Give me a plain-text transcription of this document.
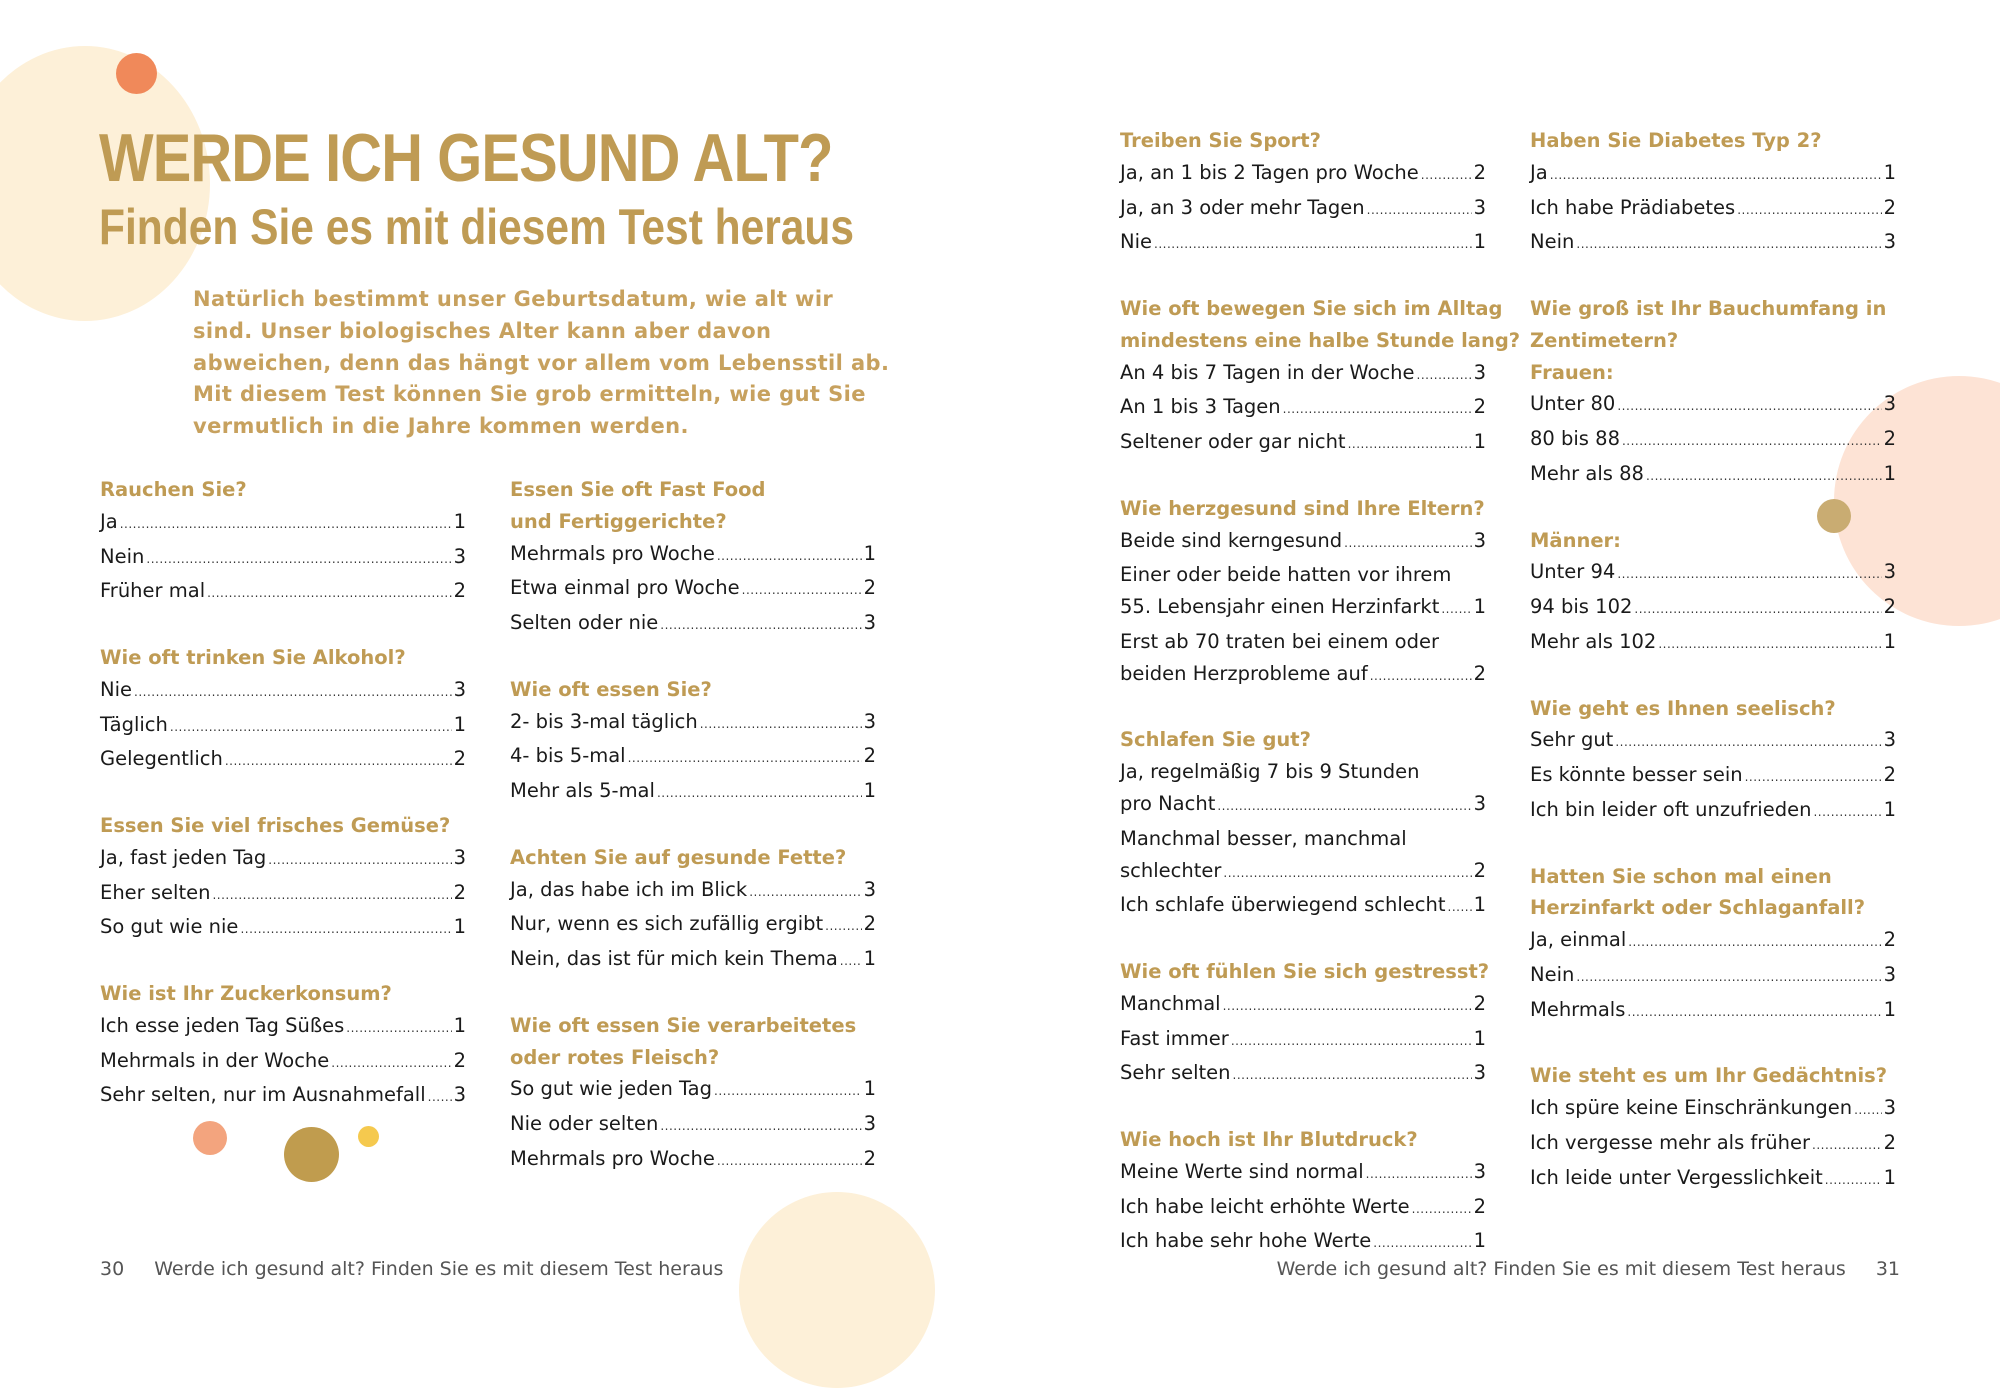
WERDE ICH GESUND ALT?
Finden Sie es mit diesem Test heraus

Natürlich bestimmt unser Geburtsdatum, wie alt wir sind. Unser biologisches Alter kann aber davon abweichen, denn das hängt vor allem vom Lebensstil ab. Mit diesem Test können Sie grob ermitteln, wie gut Sie vermutlich in die Jahre kommen werden.

Rauchen Sie?
Ja .....	1
Nein .....	3
Früher mal .....	2
Wie oft trinken Sie Alkohol?
Nie .....	3
Täglich .....	1
Gelegentlich .....	2
Essen Sie viel frisches Gemüse?
Ja, fast jeden Tag .....	3
Eher selten .....	2
So gut wie nie .....	1
Wie ist Ihr Zuckerkonsum?
Ich esse jeden Tag Süßes .....	1
Mehrmals in der Woche .....	2
Sehr selten, nur im Ausnahmefall ..... 3
Essen Sie oft Fast Food
und Fertiggerichte?
Mehrmals pro Woche .....	1
Etwa einmal pro Woche .....	2
Selten oder nie .....	3
Wie oft essen Sie?
2- bis 3-mal täglich .....	3
4- bis 5-mal .....	2
Mehr als 5-mal .....	1
Achten Sie auf gesunde Fette?
Ja, das habe ich im Blick .....	3
Nur, wenn es sich zufällig ergibt ..... 2
Nein, das ist für mich kein Thema ..... 1
Wie oft essen Sie verarbeitetes
oder rotes Fleisch?
So gut wie jeden Tag .....	1
Nie oder selten .....	3
Mehrmals pro Woche .....	2
Treiben Sie Sport?
Ja, an 1 bis 2 Tagen pro Woche .....	2
Ja, an 3 oder mehr Tagen .....	3
Nie .....	1
Wie oft bewegen Sie sich im Alltag
mindestens eine halbe Stunde lang?
An 4 bis 7 Tagen in der Woche .....	3
An 1 bis 3 Tagen .....	2
Seltener oder gar nicht .....	1
Wie herzgesund sind Ihre Eltern?
Beide sind kerngesund .....	3
Einer oder beide hatten vor ihrem
55. Lebensjahr einen Herzinfarkt ..... 1
Erst ab 70 traten bei einem oder
beiden Herzprobleme auf .....	2
Schlafen Sie gut?
Ja, regelmäßig 7 bis 9 Stunden
pro Nacht .....	3
Manchmal besser, manchmal
schlechter .....	2
Ich schlafe überwiegend schlecht ..... 1
Wie oft fühlen Sie sich gestresst?
Manchmal .....	2
Fast immer .....	1
Sehr selten .....	3
Wie hoch ist Ihr Blutdruck?
Meine Werte sind normal .....	3
Ich habe leicht erhöhte Werte .....	2
Ich habe sehr hohe Werte .....	1
Haben Sie Diabetes Typ 2?
Ja .....	1
Ich habe Prädiabetes .....	2
Nein .....	3
Wie groß ist Ihr Bauchumfang in
Zentimetern?
Frauen:
Unter 80 .....	3
80 bis 88 .....	2
Mehr als 88 .....	1
Männer:
Unter 94 .....	3
94 bis 102 .....	2
Mehr als 102 .....	1
Wie geht es Ihnen seelisch?
Sehr gut .....	3
Es könnte besser sein .....	2
Ich bin leider oft unzufrieden .....	1
Hatten Sie schon mal einen
Herzinfarkt oder Schlaganfall?
Ja, einmal .....	2
Nein .....	3
Mehrmals .....	1
Wie steht es um Ihr Gedächtnis?
Ich spüre keine Einschränkungen ..... 3
Ich vergesse mehr als früher .....	2
Ich leide unter Vergesslichkeit .....	1
30 Werde ich gesund alt? Finden Sie es mit diesem Test heraus	Werde ich gesund alt? Finden Sie es mit diesem Test heraus 31
